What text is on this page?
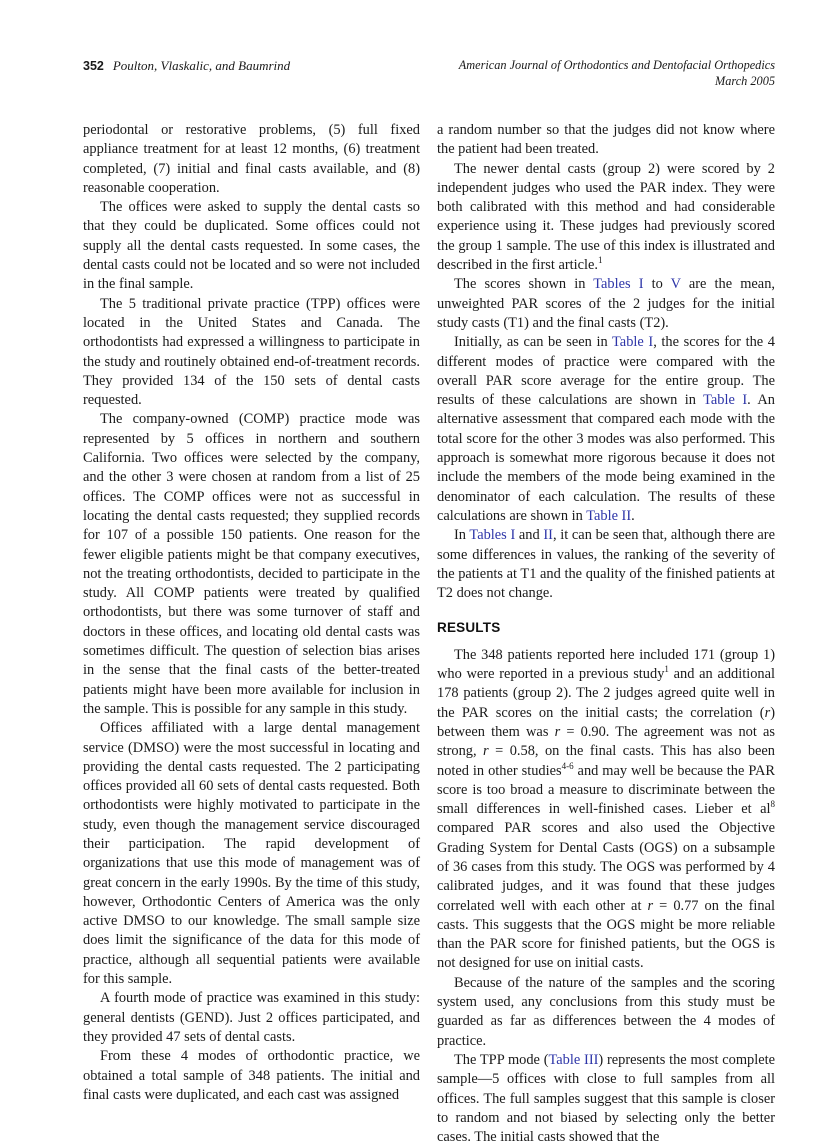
352 Poulton, Vlaskalic, and Baumrind	American Journal of Orthodontics and Dentofacial Orthopedics
March 2005

periodontal or restorative problems, (5) full fixed appliance treatment for at least 12 months, (6) treatment completed, (7) initial and final casts available, and (8) reasonable cooperation.

The offices were asked to supply the dental casts so that they could be duplicated. Some offices could not supply all the dental casts requested. In some cases, the dental casts could not be located and so were not included in the final sample.

The 5 traditional private practice (TPP) offices were located in the United States and Canada. The orthodontists had expressed a willingness to participate in the study and routinely obtained end-of-treatment records. They provided 134 of the 150 sets of dental casts requested.

The company-owned (COMP) practice mode was represented by 5 offices in northern and southern California. Two offices were selected by the company, and the other 3 were chosen at random from a list of 25 offices. The COMP offices were not as successful in locating the dental casts requested; they supplied records for 107 of a possible 150 patients. One reason for the fewer eligible patients might be that company executives, not the treating orthodontists, decided to participate in the study. All COMP patients were treated by qualified orthodontists, but there was some turnover of staff and doctors in these offices, and locating old dental casts was sometimes difficult. The question of selection bias arises in the sense that the final casts of the better-treated patients might have been more available for inclusion in the sample. This is possible for any sample in this study.

Offices affiliated with a large dental management service (DMSO) were the most successful in locating and providing the dental casts requested. The 2 participating offices provided all 60 sets of dental casts requested. Both orthodontists were highly motivated to participate in the study, even though the management service discouraged their participation. The rapid development of organizations that use this mode of management was of great concern in the early 1990s. By the time of this study, however, Orthodontic Centers of America was the only active DMSO to our knowledge. The small sample size does limit the significance of the data for this mode of practice, although all sequential patients were available for this sample.

A fourth mode of practice was examined in this study: general dentists (GEND). Just 2 offices participated, and they provided 47 sets of dental casts.

From these 4 modes of orthodontic practice, we obtained a total sample of 348 patients. The initial and final casts were duplicated, and each cast was assigned

a random number so that the judges did not know where the patient had been treated.

The newer dental casts (group 2) were scored by 2 independent judges who used the PAR index. They were both calibrated with this method and had considerable experience using it. These judges had previously scored the group 1 sample. The use of this index is illustrated and described in the first article.$^1$

The scores shown in Tables I to V are the mean, unweighted PAR scores of the 2 judges for the initial study casts (T1) and the final casts (T2).

Initially, as can be seen in Table I, the scores for the 4 different modes of practice were compared with the overall PAR score average for the entire group. The results of these calculations are shown in Table I. An alternative assessment that compared each mode with the total score for the other 3 modes was also performed. This approach is somewhat more rigorous because it does not include the members of the mode being examined in the denominator of each calculation. The results of these calculations are shown in Table II.

In Tables I and II, it can be seen that, although there are some differences in values, the ranking of the severity of the patients at T1 and the quality of the finished patients at T2 does not change.

RESULTS

The 348 patients reported here included 171 (group 1) who were reported in a previous study$^1$ and an additional 178 patients (group 2). The 2 judges agreed quite well in the PAR scores on the initial casts; the correlation (r) between them was r = 0.90. The agreement was not as strong, r = 0.58, on the final casts. This has also been noted in other studies$^{4-6}$ and may well be because the PAR score is too broad a measure to discriminate between the small differences in well-finished cases. Lieber et al$^8$ compared PAR scores and also used the Objective Grading System for Dental Casts (OGS) on a subsample of 36 cases from this study. The OGS was performed by 4 calibrated judges, and it was found that these judges correlated well with each other at r = 0.77 on the final casts. This suggests that the OGS might be more reliable than the PAR score for finished patients, but the OGS is not designed for use on initial casts.

Because of the nature of the samples and the scoring system used, any conclusions from this study must be guarded as far as differences between the 4 modes of practice.

The TPP mode (Table III) represents the most complete sample—5 offices with close to full samples from all offices. The full samples suggest that this sample is closer to random and not biased by selecting only the better cases. The initial casts showed that the
